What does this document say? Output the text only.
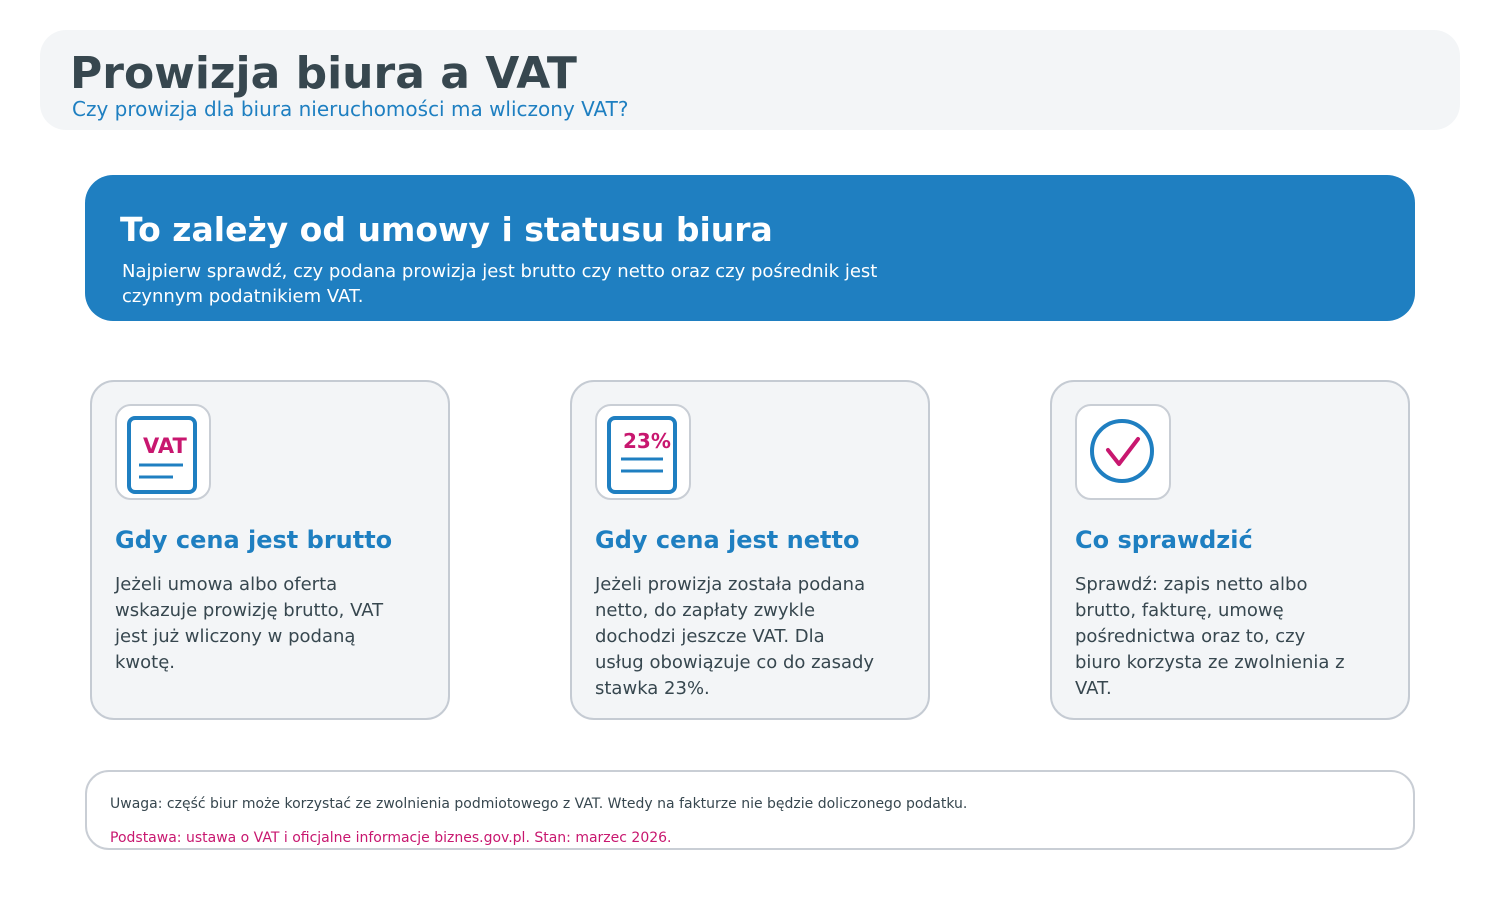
Prowizja biura a VAT
Czy prowizja dla biura nieruchomości ma wliczony VAT?
To zależy od umowy i statusu biura

Najpierw sprawdź, czy podana prowizja jest brutto czy netto oraz czy pośrednik jest czynnym podatnikiem VAT.

VAT
Gdy cena jest brutto

Jeżeli umowa albo oferta wskazuje prowizję brutto, VAT jest już wliczony w podaną kwotę.

23%
Gdy cena jest netto

Jeżeli prowizja została podana netto, do zapłaty zwykle dochodzi jeszcze VAT. Dla usług obowiązuje co do zasady stawka 23%.

Co sprawdzić

Sprawdź: zapis netto albo brutto, fakturę, umowę pośrednictwa oraz to, czy biuro korzysta ze zwolnienia z VAT.

Uwaga: część biur może korzystać ze zwolnienia podmiotowego z VAT. Wtedy na fakturze nie będzie doliczonego podatku.
Podstawa: ustawa o VAT i oficjalne informacje biznes.gov.pl. Stan: marzec 2026.
